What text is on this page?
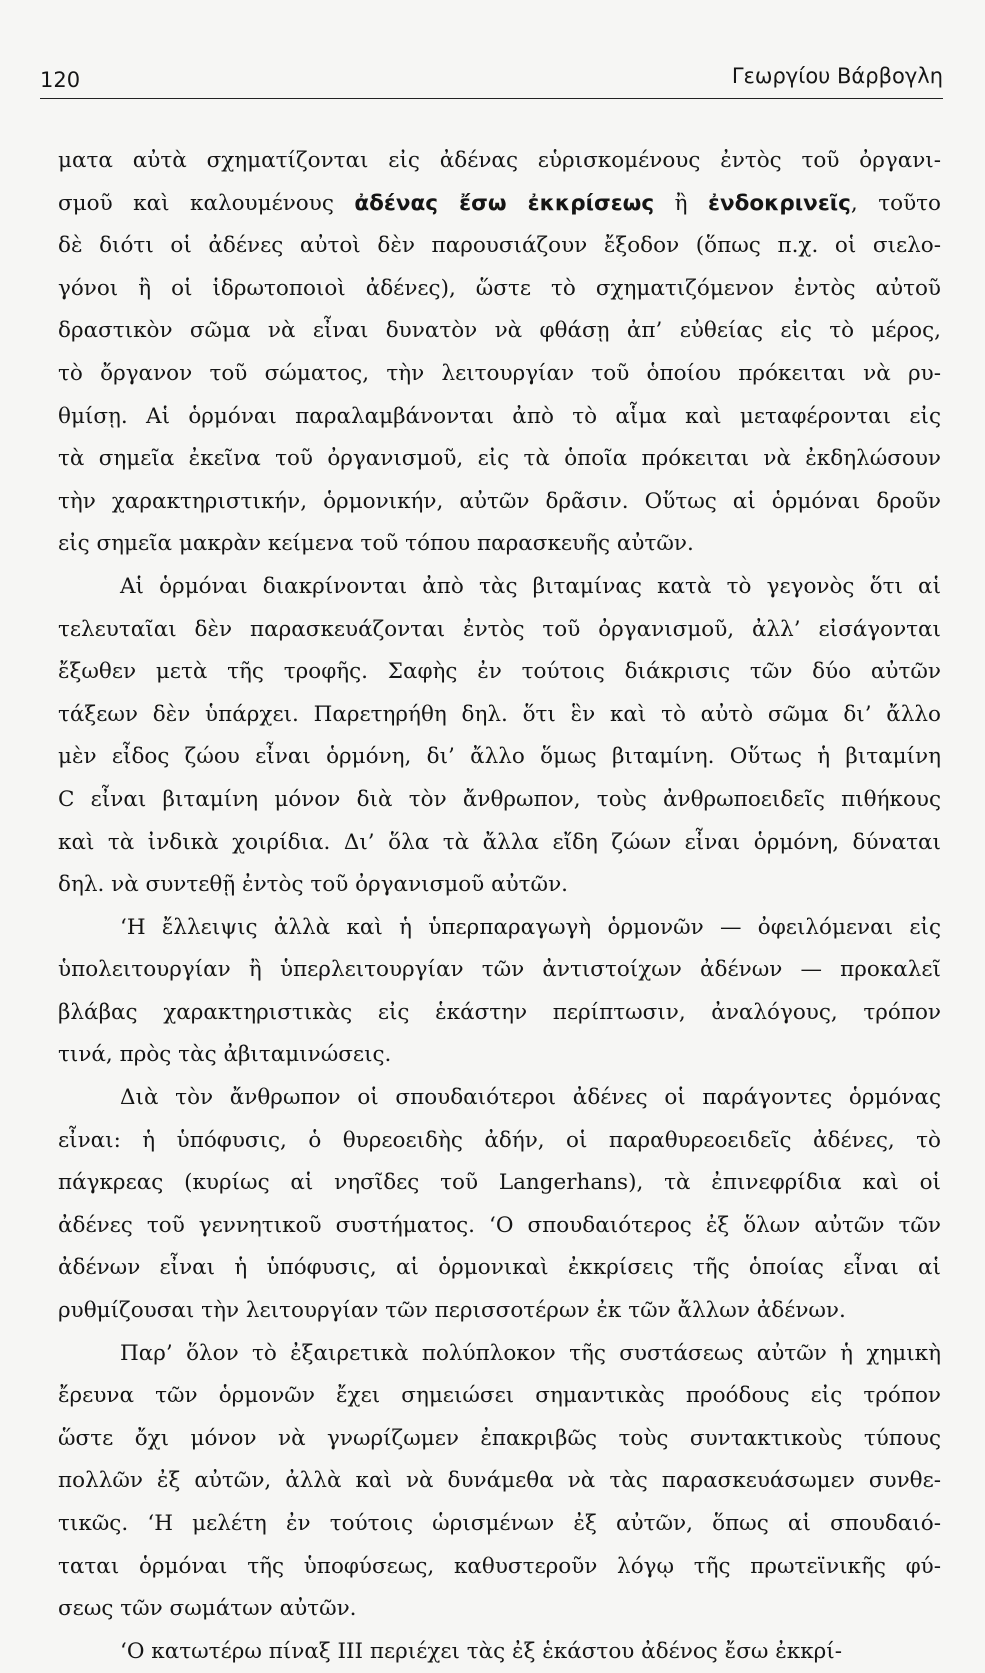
120	Γεωργίου Βάρβογλη
ματα αὐτὰ σχηματίζονται εἰς ἀδένας εὑρισκομένους ἐντὸς τοῦ ὀργανι-
σμοῦ καὶ καλουμένους ἀδένας ἔσω ἐκκρίσεως ἢ ἐνδοκρινεῖς, τοῦτο
δὲ διότι οἱ ἀδένες αὐτοὶ δὲν παρουσιάζουν ἔξοδον (ὅπως π.χ. οἱ σιελο-
γόνοι ἢ οἱ ἱδρωτοποιοὶ ἀδένες), ὥστε τὸ σχηματιζόμενον ἐντὸς αὐτοῦ
δραστικὸν σῶμα νὰ εἶναι δυνατὸν νὰ φθάσῃ ἀπ’ εὐθείας εἰς τὸ μέρος,
τὸ ὄργανον τοῦ σώματος, τὴν λειτουργίαν τοῦ ὁποίου πρόκειται νὰ ρυ-
θμίσῃ. Αἱ ὁρμόναι παραλαμβάνονται ἀπὸ τὸ αἷμα καὶ μεταφέρονται εἰς
τὰ σημεῖα ἐκεῖνα τοῦ ὀργανισμοῦ, εἰς τὰ ὁποῖα πρόκειται νὰ ἐκδηλώσουν
τὴν χαρακτηριστικήν, ὁρμονικήν, αὐτῶν δρᾶσιν. Οὕτως αἱ ὁρμόναι δροῦν
εἰς σημεῖα μακρὰν κείμενα τοῦ τόπου παρασκευῆς αὐτῶν.
Αἱ ὁρμόναι διακρίνονται ἀπὸ τὰς βιταμίνας κατὰ τὸ γεγονὸς ὅτι αἱ
τελευταῖαι δὲν παρασκευάζονται ἐντὸς τοῦ ὀργανισμοῦ, ἀλλ’ εἰσάγονται
ἔξωθεν μετὰ τῆς τροφῆς. Σαφὴς ἐν τούτοις διάκρισις τῶν δύο αὐτῶν
τάξεων δὲν ὑπάρχει. Παρετηρήθη δηλ. ὅτι ἓν καὶ τὸ αὐτὸ σῶμα δι’ ἄλλο
μὲν εἶδος ζώου εἶναι ὁρμόνη, δι’ ἄλλο ὅμως βιταμίνη. Οὕτως ἡ βιταμίνη
C εἶναι βιταμίνη μόνον διὰ τὸν ἄνθρωπον, τοὺς ἀνθρωποειδεῖς πιθήκους
καὶ τὰ ἰνδικὰ χοιρίδια. Δι’ ὅλα τὰ ἄλλα εἴδη ζώων εἶναι ὁρμόνη, δύναται
δηλ. νὰ συντεθῇ ἐντὸς τοῦ ὀργανισμοῦ αὐτῶν.
‘Η ἔλλειψις ἀλλὰ καὶ ἡ ὑπερπαραγωγὴ ὁρμονῶν — ὀφειλόμεναι εἰς
ὑπολειτουργίαν ἢ ὑπερλειτουργίαν τῶν ἀντιστοίχων ἀδένων — προκαλεῖ
βλάβας χαρακτηριστικὰς εἰς ἑκάστην περίπτωσιν, ἀναλόγους, τρόπον
τινά, πρὸς τὰς ἀβιταμινώσεις.
Διὰ τὸν ἄνθρωπον οἱ σπουδαιότεροι ἀδένες οἱ παράγοντες ὁρμόνας
εἶναι: ἡ ὑπόφυσις, ὁ θυρεοειδὴς ἀδήν, οἱ παραθυρεοειδεῖς ἀδένες, τὸ
πάγκρεας (κυρίως αἱ νησῖδες τοῦ Langerhans), τὰ ἐπινεφρίδια καὶ οἱ
ἀδένες τοῦ γεννητικοῦ συστήματος. ‘Ο σπουδαιότερος ἐξ ὅλων αὐτῶν τῶν
ἀδένων εἶναι ἡ ὑπόφυσις, αἱ ὁρμονικαὶ ἐκκρίσεις τῆς ὁποίας εἶναι αἱ
ρυθμίζουσαι τὴν λειτουργίαν τῶν περισσοτέρων ἐκ τῶν ἄλλων ἀδένων.
Παρ’ ὅλον τὸ ἐξαιρετικὰ πολύπλοκον τῆς συστάσεως αὐτῶν ἡ χημικὴ
ἔρευνα τῶν ὁρμονῶν ἔχει σημειώσει σημαντικὰς προόδους εἰς τρόπον
ὥστε ὄχι μόνον νὰ γνωρίζωμεν ἐπακριβῶς τοὺς συντακτικοὺς τύπους
πολλῶν ἐξ αὐτῶν, ἀλλὰ καὶ νὰ δυνάμεθα νὰ τὰς παρασκευάσωμεν συνθε-
τικῶς. ‘Η μελέτη ἐν τούτοις ὡρισμένων ἐξ αὐτῶν, ὅπως αἱ σπουδαιό-
ταται ὁρμόναι τῆς ὑποφύσεως, καθυστεροῦν λόγῳ τῆς πρωτεϊνικῆς φύ-
σεως τῶν σωμάτων αὐτῶν.
‘Ο κατωτέρω πίναξ III περιέχει τὰς ἐξ ἑκάστου ἀδένος ἔσω ἐκκρί-
